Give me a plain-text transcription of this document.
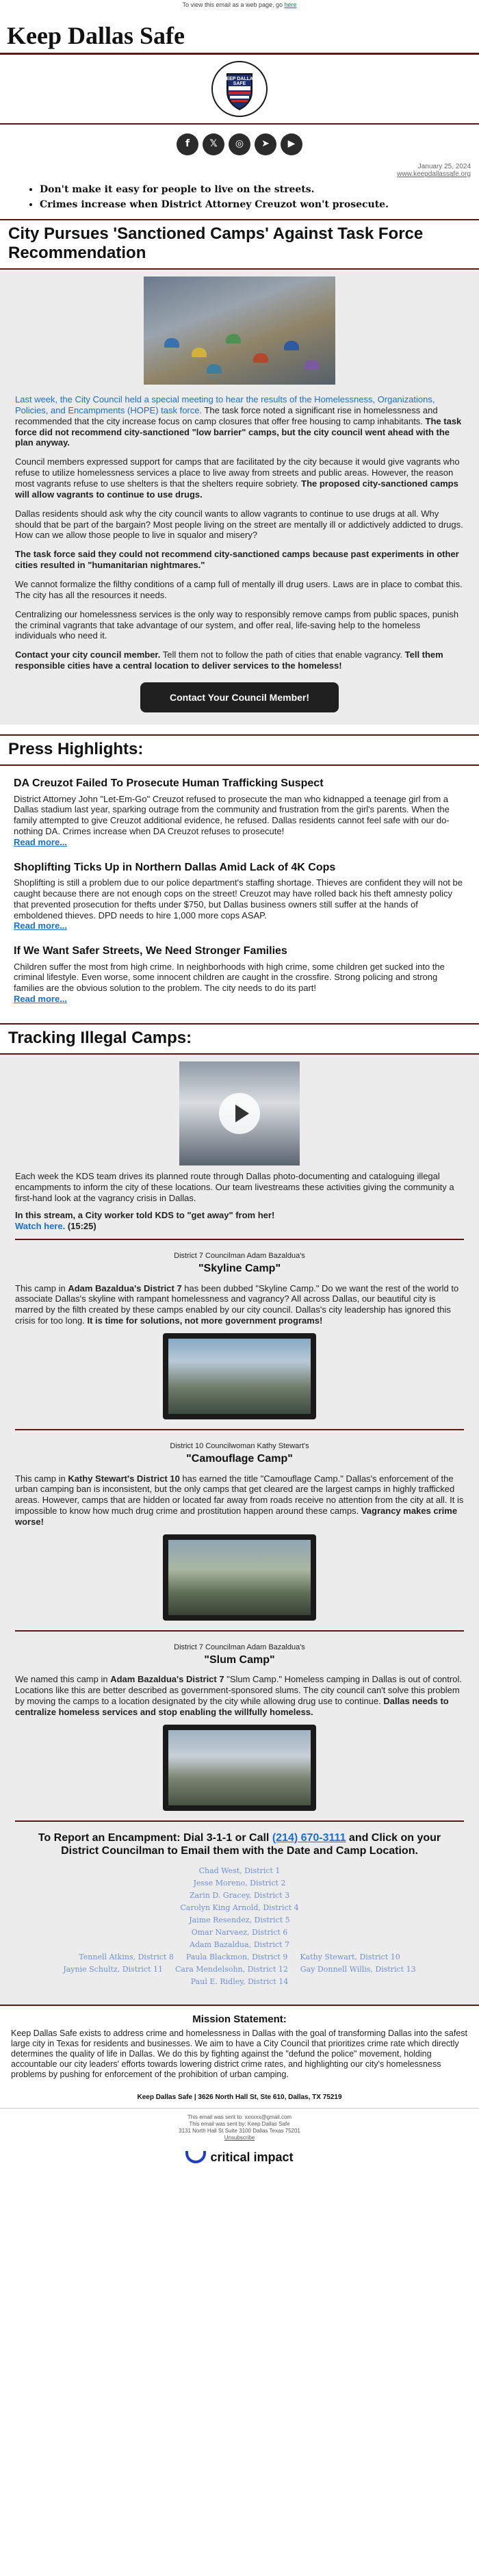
To view this email as a web page, go here
Keep Dallas Safe
KEEP DALLAS
SAFE
f	𝕏	◎	➤	▶
January 25, 2024
www.keepdallassafe.org
• Don't make it easy for people to live on the streets.
• Crimes increase when District Attorney Creuzot won't prosecute.
City Pursues 'Sanctioned Camps' Against Task Force Recommendation

Last week, the City Council held a special meeting to hear the results of the Homelessness, Organizations, Policies, and Encampments (HOPE) task force. The task force noted a significant rise in homelessness and recommended that the city increase focus on camp closures that offer free housing to camp inhabitants. The task force did not recommend city-sanctioned "low barrier" camps, but the city council went ahead with the plan anyway.

Council members expressed support for camps that are facilitated by the city because it would give vagrants who refuse to utilize homelessness services a place to live away from streets and public areas. However, the reason most vagrants refuse to use shelters is that the shelters require sobriety. The proposed city-sanctioned camps will allow vagrants to continue to use drugs.

Dallas residents should ask why the city council wants to allow vagrants to continue to use drugs at all. Why should that be part of the bargain? Most people living on the street are mentally ill or addictively addicted to drugs. How can we allow those people to live in squalor and misery?

The task force said they could not recommend city-sanctioned camps because past experiments in other cities resulted in "humanitarian nightmares."

We cannot formalize the filthy conditions of a camp full of mentally ill drug users. Laws are in place to combat this. The city has all the resources it needs.

Centralizing our homelessness services is the only way to responsibly remove camps from public spaces, punish the criminal vagrants that take advantage of our system, and offer real, life-saving help to the homeless individuals who need it.

Contact your city council member. Tell them not to follow the path of cities that enable vagrancy. Tell them responsible cities have a central location to deliver services to the homeless!

Contact Your Council Member!
Press Highlights:
DA Creuzot Failed To Prosecute Human Trafficking Suspect

District Attorney John "Let-Em-Go" Creuzot refused to prosecute the man who kidnapped a teenage girl from a Dallas stadium last year, sparking outrage from the community and frustration from the girl's parents. When the family attempted to give Creuzot additional evidence, he refused. Dallas residents cannot feel safe with our do-nothing DA. Crimes increase when DA Creuzot refuses to prosecute!

Read more...
Shoplifting Ticks Up in Northern Dallas Amid Lack of 4K Cops

Shoplifting is still a problem due to our police department's staffing shortage. Thieves are confident they will not be caught because there are not enough cops on the street! Creuzot may have rolled back his theft amnesty policy that prevented prosecution for thefts under $750, but Dallas business owners still suffer at the hands of emboldened thieves. DPD needs to hire 1,000 more cops ASAP.

Read more...
If We Want Safer Streets, We Need Stronger Families

Children suffer the most from high crime. In neighborhoods with high crime, some children get sucked into the criminal lifestyle. Even worse, some innocent children are caught in the crossfire. Strong policing and strong families are the obvious solution to the problem. The city needs to do its part!

Read more...
Tracking Illegal Camps:

Each week the KDS team drives its planned route through Dallas photo-documenting and cataloguing illegal encampments to inform the city of these locations. Our team livestreams these activities giving the community a first-hand look at the vagrancy crisis in Dallas.

In this stream, a City worker told KDS to "get away" from her!
Watch here. (15:25)

District 7 Councilman Adam Bazaldua's
"Skyline Camp"

This camp in Adam Bazaldua's District 7 has been dubbed "Skyline Camp." Do we want the rest of the world to associate Dallas's skyline with rampant homelessness and vagrancy? All across Dallas, our beautiful city is marred by the filth created by these camps enabled by our city council. Dallas's city leadership has ignored this crisis for too long. It is time for solutions, not more government programs!

District 10 Councilwoman Kathy Stewart's
"Camouflage Camp"

This camp in Kathy Stewart's District 10 has earned the title "Camouflage Camp." Dallas's enforcement of the urban camping ban is inconsistent, but the only camps that get cleared are the largest camps in highly trafficked areas. However, camps that are hidden or located far away from roads receive no attention from the city at all. It is impossible to know how much drug crime and prostitution happen around these camps. Vagrancy makes crime worse!

District 7 Councilman Adam Bazaldua's
"Slum Camp"

We named this camp in Adam Bazaldua's District 7 "Slum Camp." Homeless camping in Dallas is out of control. Locations like this are better described as government-sponsored slums. The city council can't solve this problem by moving the camps to a location designated by the city while allowing drug use to continue. Dallas needs to centralize homeless services and stop enabling the willfully homeless.

To Report an Encampment: Dial 3-1-1 or Call (214) 670-3111 and Click on your District Councilman to Email them with the Date and Camp Location.
Chad West, District 1
Jesse Moreno, District 2
Zarin D. Gracey, District 3
Carolyn King Arnold, District 4
Jaime Resendez, District 5
Omar Narvaez, District 6
Adam Bazaldua, District 7
Tennell Atkins, District 8 Paula Blackmon, District 9 Kathy Stewart, District 10
Jaynie Schultz, District 11 Cara Mendelsohn, District 12 Gay Donnell Willis, District 13
Paul E. Ridley, District 14
Mission Statement:

Keep Dallas Safe exists to address crime and homelessness in Dallas with the goal of transforming Dallas into the safest large city in Texas for residents and businesses. We aim to have a City Council that prioritizes crime rate which directly determines the quality of life in Dallas. We do this by fighting against the "defund the police" movement, holding accountable our city leaders' efforts towards lowering district crime rates, and highlighting our city's homelessness problems by pushing for enforcement of the prohibition of urban camping.

Keep Dallas Safe | 3626 North Hall St, Ste 610, Dallas, TX 75219
This email was sent to: xxxxxx@gmail.com
This email was sent by: Keep Dallas Safe
3131 North Hall St Suite 3100 Dallas Texas 75201
Unsubscribe
critical impact
